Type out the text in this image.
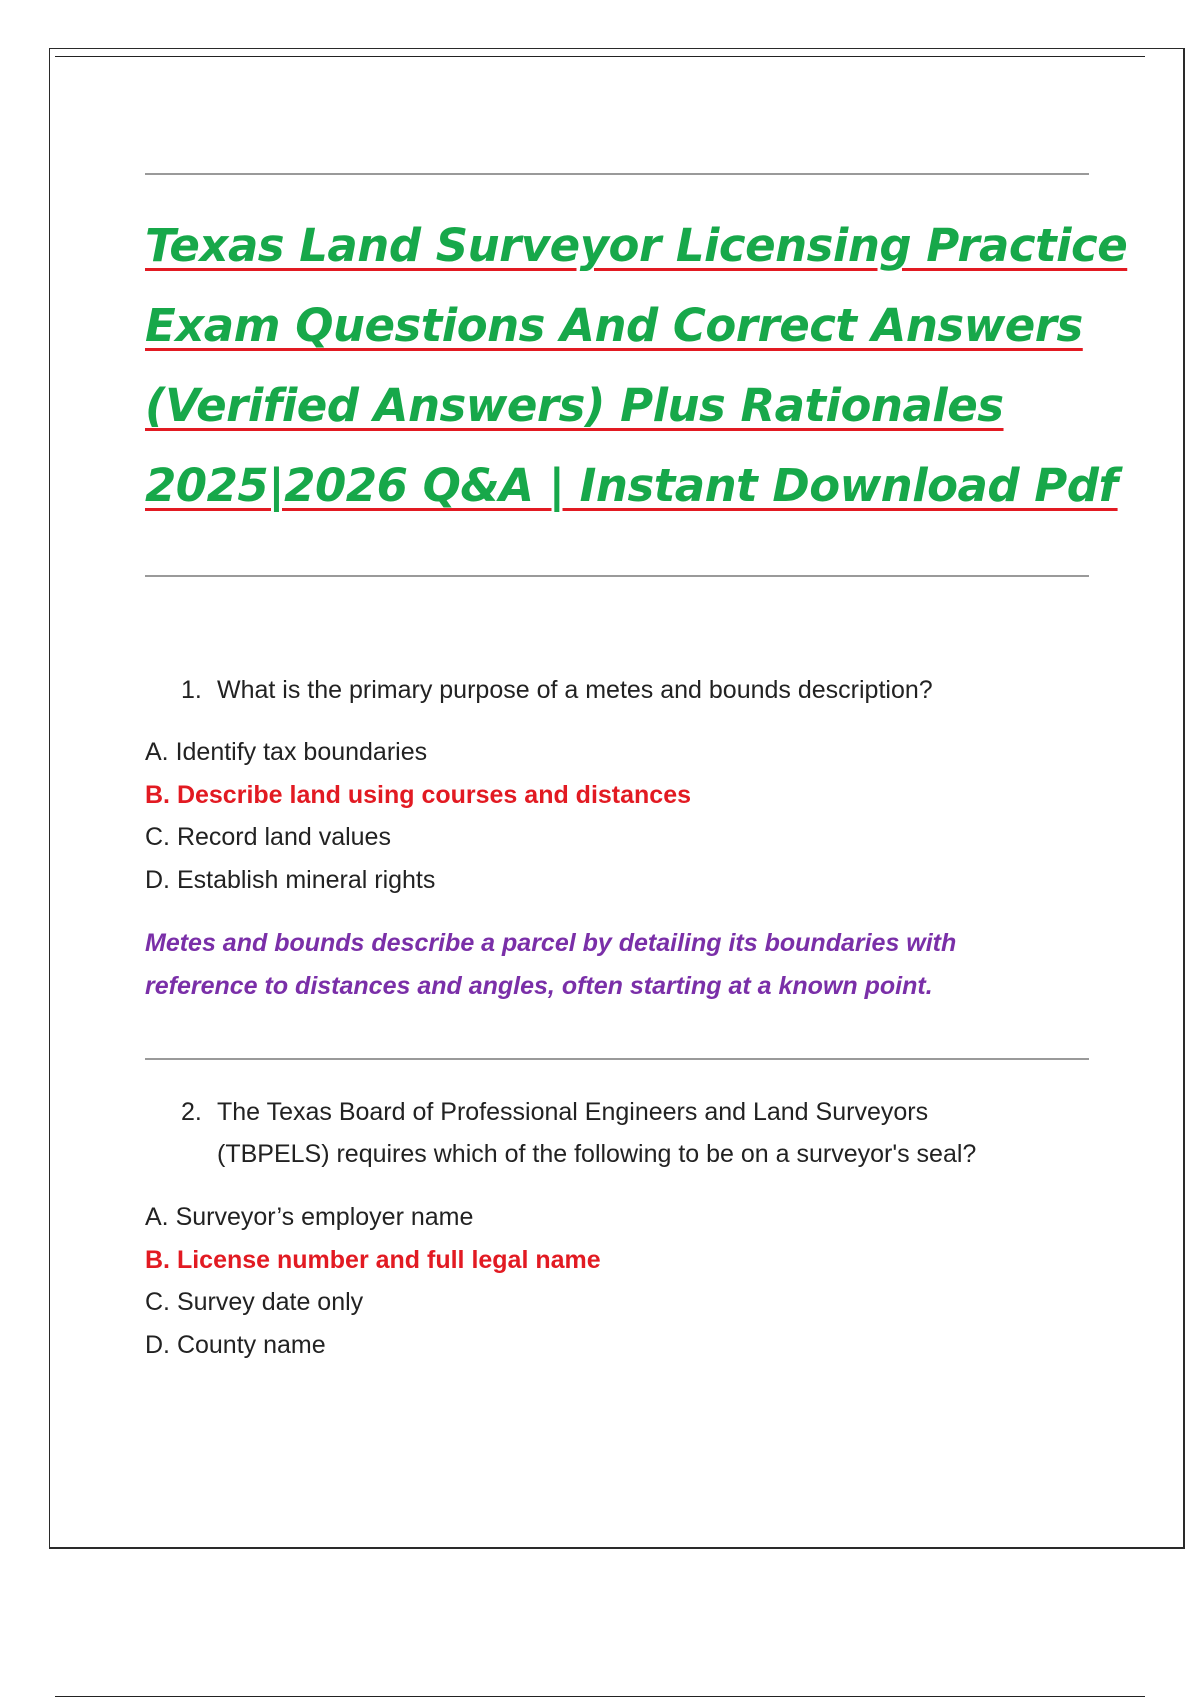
Texas Land Surveyor Licensing Practice
Exam Questions And Correct Answers
(Verified Answers) Plus Rationales
2025|2026 Q&A | Instant Download Pdf

1. What is the primary purpose of a metes and bounds description?

A. Identify tax boundaries
B. Describe land using courses and distances
C. Record land values
D. Establish mineral rights

Metes and bounds describe a parcel by detailing its boundaries with
reference to distances and angles, often starting at a known point.

2. The Texas Board of Professional Engineers and Land Surveyors
(TBPELS) requires which of the following to be on a surveyor's seal?

A. Surveyor’s employer name
B. License number and full legal name
C. Survey date only
D. County name
